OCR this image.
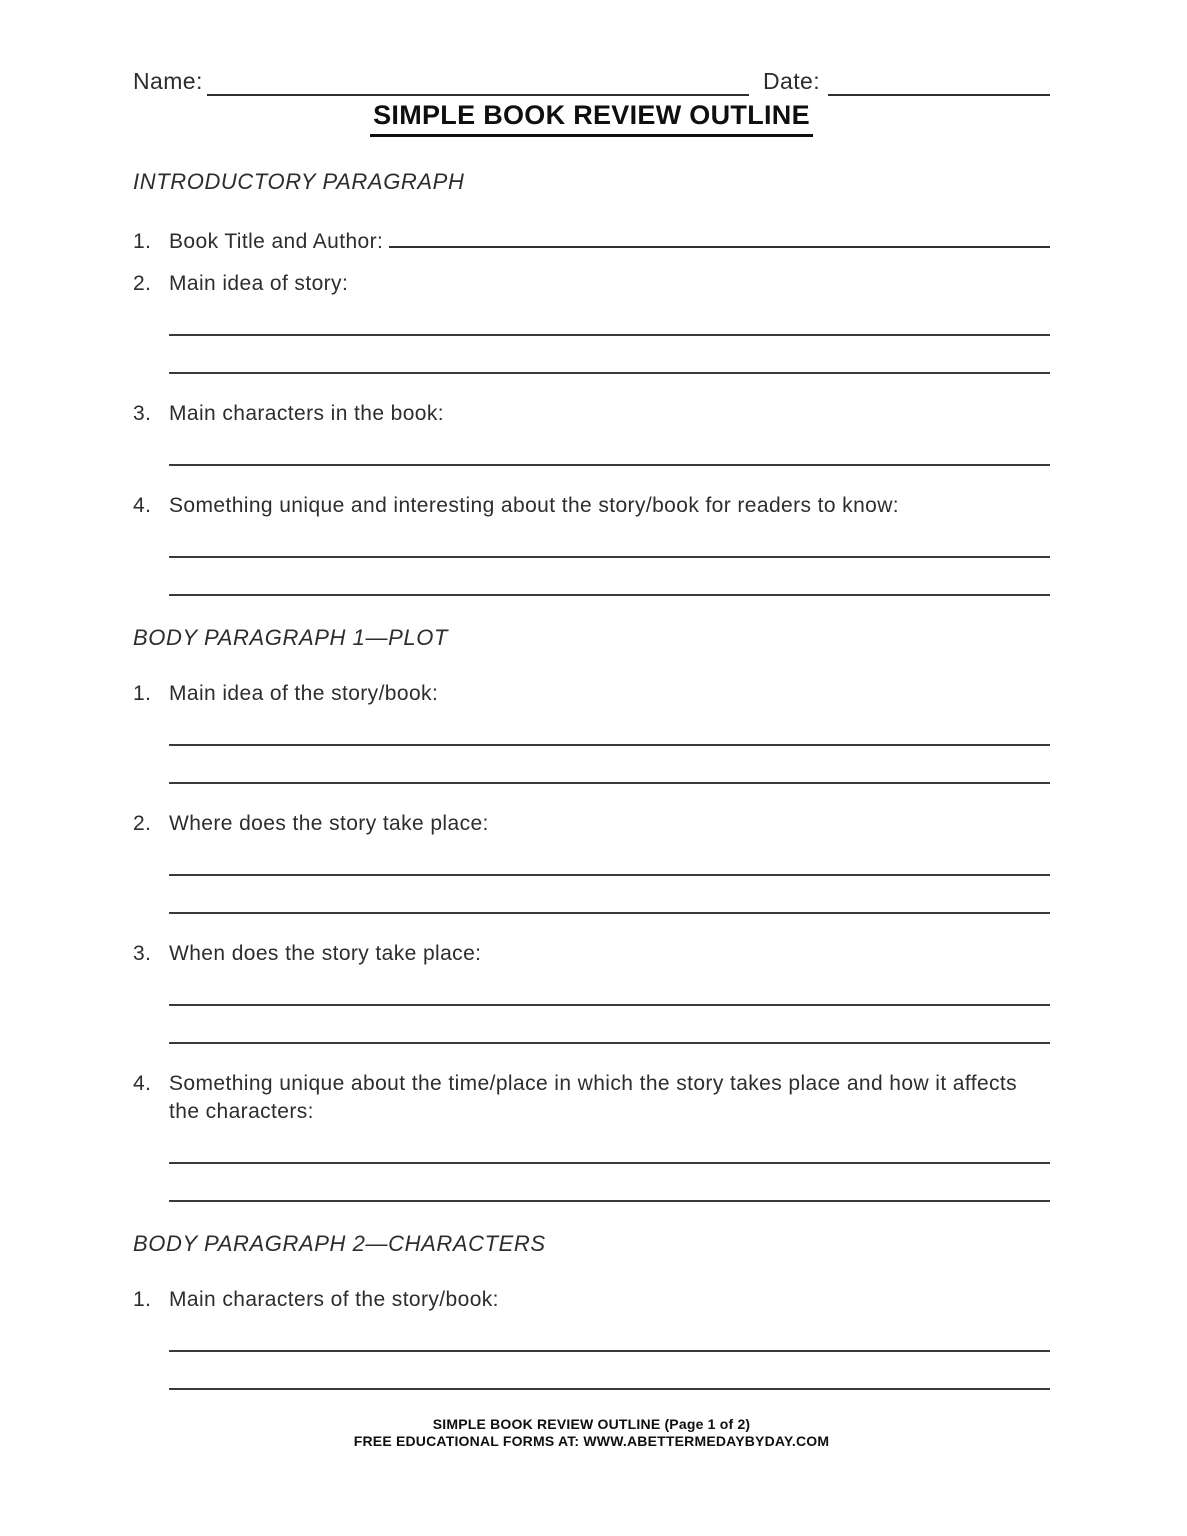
Name:	Date:
SIMPLE BOOK REVIEW OUTLINE
INTRODUCTORY PARAGRAPH
1. Book Title and Author:
2. Main idea of story:
3. Main characters in the book:
4. Something unique and interesting about the story/book for readers to know:
BODY PARAGRAPH 1—PLOT
1. Main idea of the story/book:
2. Where does the story take place:
3. When does the story take place:
4. Something unique about the time/place in which the story takes place and how it affects the characters:
BODY PARAGRAPH 2—CHARACTERS
1. Main characters of the story/book:
SIMPLE BOOK REVIEW OUTLINE (Page 1 of 2)
FREE EDUCATIONAL FORMS AT: WWW.ABETTERMEDAYBYDAY.COM
